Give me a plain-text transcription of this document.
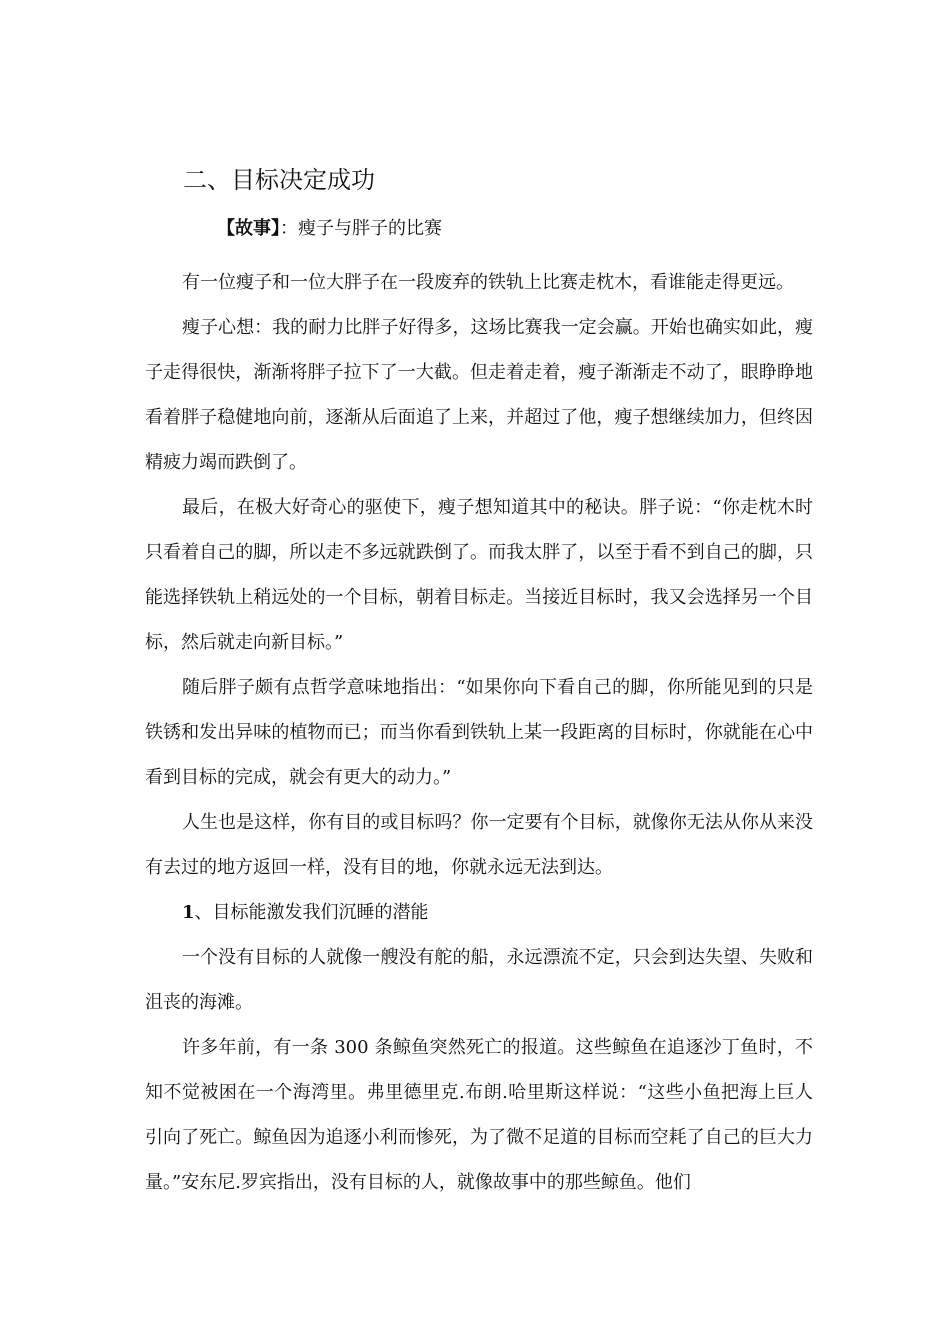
二、目标决定成功
【故事】：瘦子与胖子的比赛

有一位瘦子和一位大胖子在一段废弃的铁轨上比赛走枕木，看谁能走得更远。

瘦子心想：我的耐力比胖子好得多，这场比赛我一定会赢。开始也确实如此，瘦子走得很快，渐渐将胖子拉下了一大截。但走着走着，瘦子渐渐走不动了，眼睁睁地看着胖子稳健地向前，逐渐从后面追了上来，并超过了他，瘦子想继续加力，但终因精疲力竭而跌倒了。

最后，在极大好奇心的驱使下，瘦子想知道其中的秘诀。胖子说：“你走枕木时只看着自己的脚，所以走不多远就跌倒了。而我太胖了，以至于看不到自己的脚，只能选择铁轨上稍远处的一个目标，朝着目标走。当接近目标时，我又会选择另一个目标，然后就走向新目标。”

随后胖子颇有点哲学意味地指出：“如果你向下看自己的脚，你所能见到的只是铁锈和发出异味的植物而已；而当你看到铁轨上某一段距离的目标时，你就能在心中看到目标的完成，就会有更大的动力。”

人生也是这样，你有目的或目标吗？你一定要有个目标，就像你无法从你从来没有去过的地方返回一样，没有目的地，你就永远无法到达。

1、目标能激发我们沉睡的潜能

一个没有目标的人就像一艘没有舵的船，永远漂流不定，只会到达失望、失败和沮丧的海滩。

许多年前，有一条 300 条鲸鱼突然死亡的报道。这些鲸鱼在追逐沙丁鱼时，不知不觉被困在一个海湾里。弗里德里克.布朗.哈里斯这样说：“这些小鱼把海上巨人引向了死亡。鲸鱼因为追逐小利而惨死，为了微不足道的目标而空耗了自己的巨大力量。”安东尼.罗宾指出，没有目标的人，就像故事中的那些鲸鱼。他们
